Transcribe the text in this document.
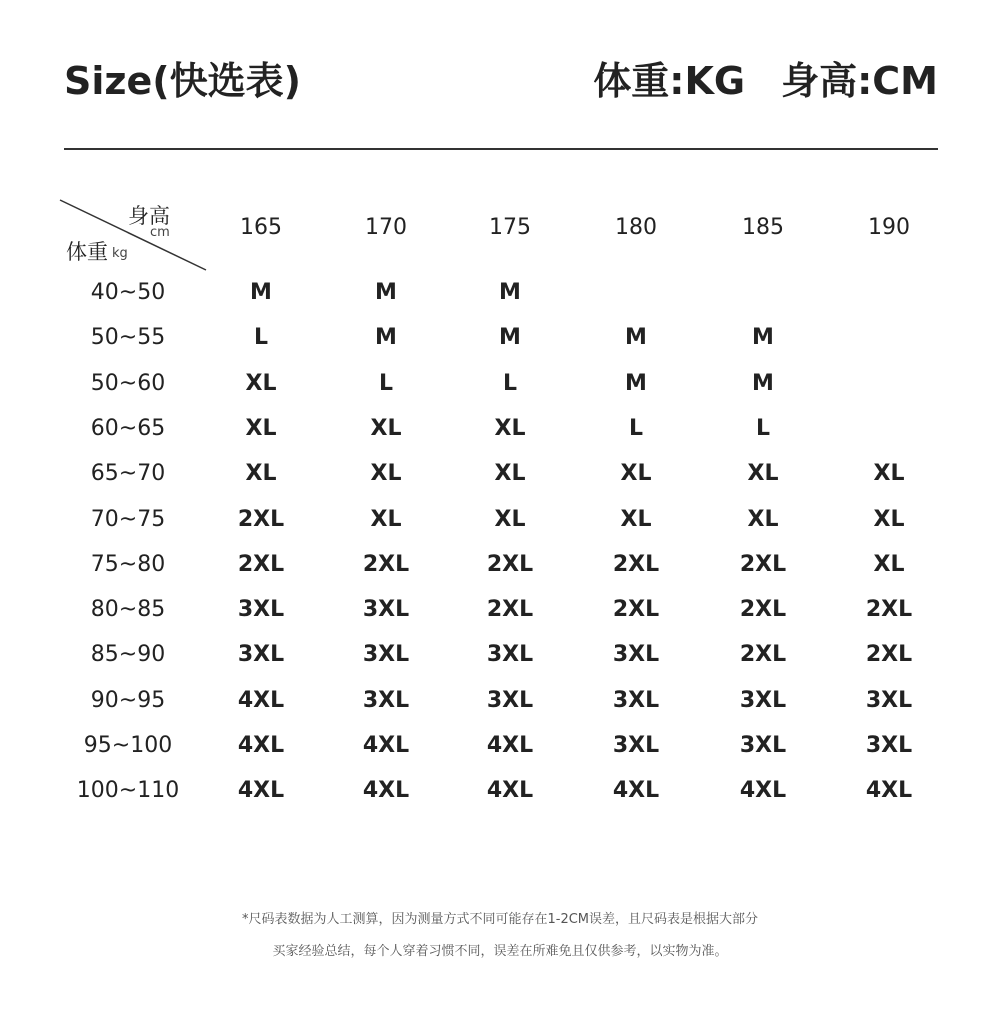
Size(快选表)	体重:KG 身高:CM
身高
cm
体重 kg
165	170	175	180	185	190
40~50	M	M	M
50~55	L	M	M	M	M
50~60	XL	L	L	M	M
60~65	XL	XL	XL	L	L
65~70	XL	XL	XL	XL	XL	XL
70~75	2XL	XL	XL	XL	XL	XL
75~80	2XL	2XL	2XL	2XL	2XL	XL
80~85	3XL	3XL	2XL	2XL	2XL	2XL
85~90	3XL	3XL	3XL	3XL	2XL	2XL
90~95	4XL	3XL	3XL	3XL	3XL	3XL
95~100	4XL	4XL	4XL	3XL	3XL	3XL
100~110	4XL	4XL	4XL	4XL	4XL	4XL
*尺码表数据为人工测算，因为测量方式不同可能存在1-2CM误差，且尺码表是根据大部分
买家经验总结，每个人穿着习惯不同，误差在所难免且仅供参考，以实物为准。
